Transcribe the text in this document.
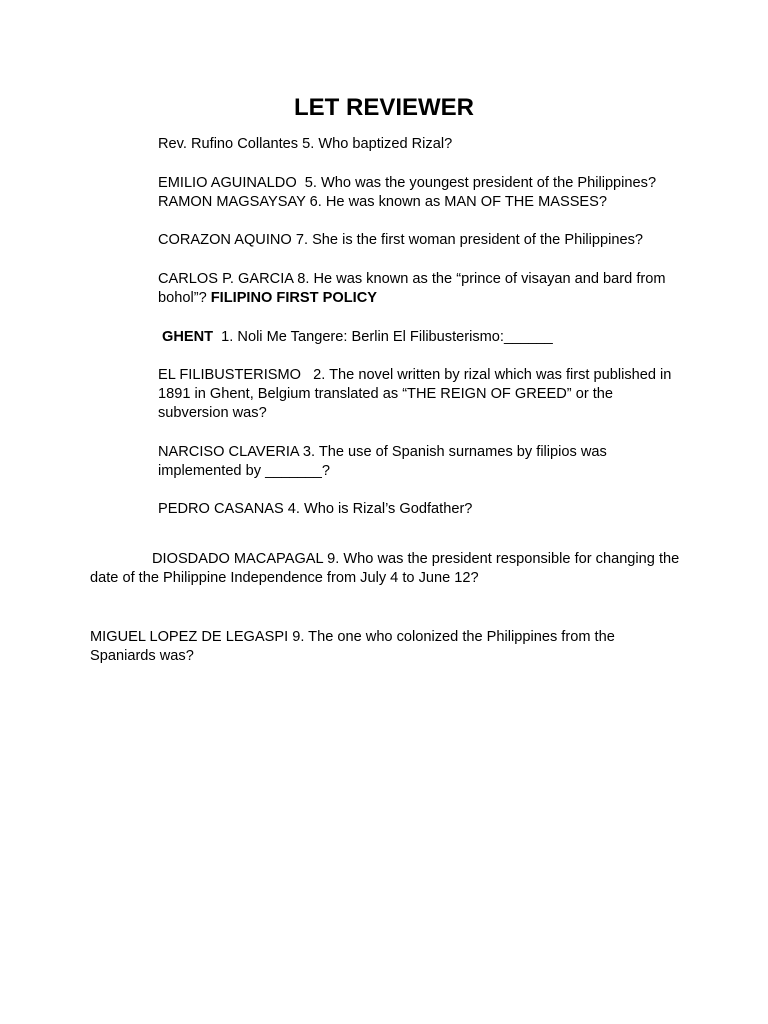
LET REVIEWER

Rev. Rufino Collantes 5. Who baptized Rizal?

EMILIO AGUINALDO  5. Who was the youngest president of the Philippines?
RAMON MAGSAYSAY 6. He was known as MAN OF THE MASSES?

CORAZON AQUINO 7. She is the first woman president of the Philippines?

CARLOS P. GARCIA 8. He was known as the “prince of visayan and bard from bohol”? FILIPINO FIRST POLICY

GHENT  1. Noli Me Tangere: Berlin El Filibusterismo:______

EL FILIBUSTERISMO   2. The novel written by rizal which was first published in 1891 in Ghent, Belgium translated as “THE REIGN OF GREED” or the subversion was?

NARCISO CLAVERIA 3. The use of Spanish surnames by filipios was implemented by _______?

PEDRO CASANAS 4. Who is Rizal’s Godfather?

DIOSDADO MACAPAGAL 9. Who was the president responsible for changing the date of the Philippine Independence from July 4 to June 12?

MIGUEL LOPEZ DE LEGASPI 9. The one who colonized the Philippines from the Spaniards was?
